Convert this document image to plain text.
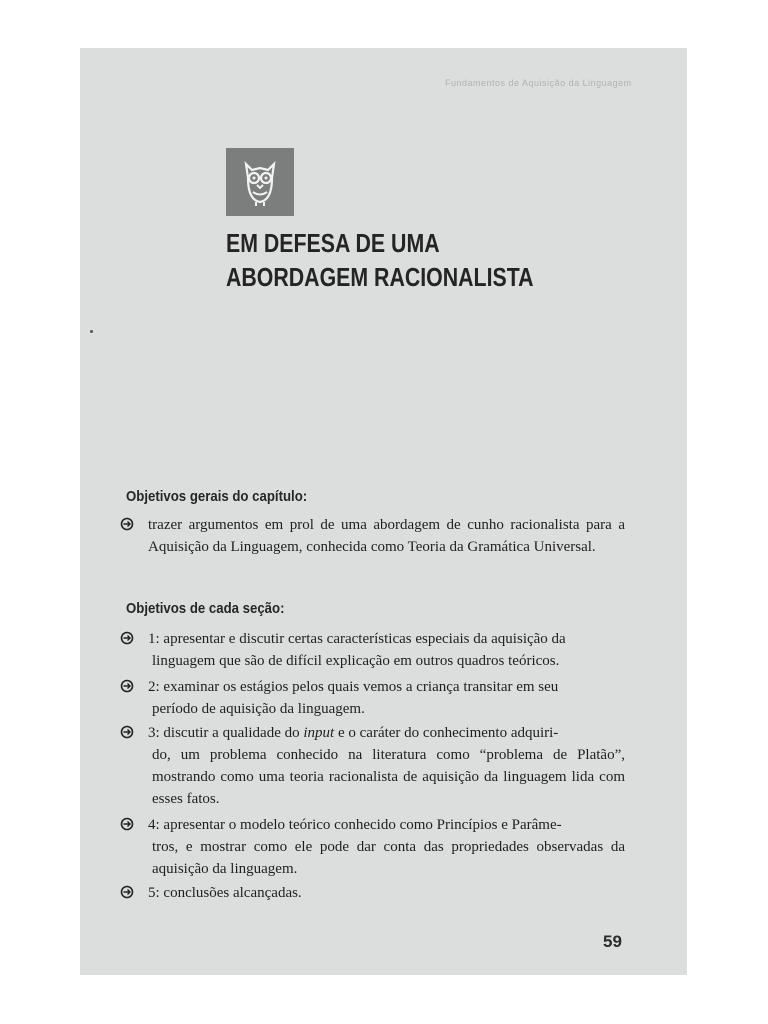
Fundamentos de Aquisição da Linguagem
EM DEFESA DE UMA
ABORDAGEM RACIONALISTA
Objetivos gerais do capítulo:
trazer argumentos em prol de uma abordagem de cunho racionalista para a Aquisição da Linguagem, conhecida como Teoria da Gramática Universal.
Objetivos de cada seção:
1: apresentar e discutir certas características especiais da aquisição da
linguagem que são de difícil explicação em outros quadros teóricos.
2: examinar os estágios pelos quais vemos a criança transitar em seu
período de aquisição da linguagem.
3: discutir a qualidade do input e o caráter do conhecimento adquiri-
do, um problema conhecido na literatura como “problema de Platão”, mostrando como uma teoria racionalista de aquisição da linguagem lida com esses fatos.
4: apresentar o modelo teórico conhecido como Princípios e Parâme-
tros, e mostrar como ele pode dar conta das propriedades observadas da aquisição da linguagem.
5: conclusões alcançadas.
59
